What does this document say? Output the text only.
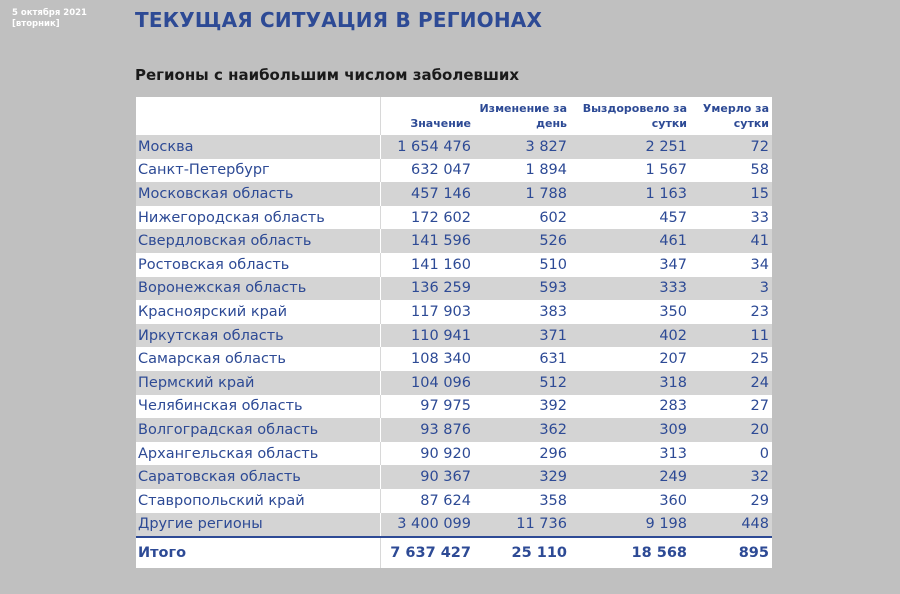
5 октября 2021
[вторник]	ТЕКУЩАЯ СИТУАЦИЯ В РЕГИОНАХ
Регионы с наибольшим числом заболевших
	Значение	Изменение за день	Выздоровело за сутки	Умерло за сутки
Москва	1 654 476	3 827	2 251	72
Санкт-Петербург	632 047	1 894	1 567	58
Московская область	457 146	1 788	1 163	15
Нижегородская область	172 602	602	457	33
Свердловская область	141 596	526	461	41
Ростовская область	141 160	510	347	34
Воронежская область	136 259	593	333	3
Красноярский край	117 903	383	350	23
Иркутская область	110 941	371	402	11
Самарская область	108 340	631	207	25
Пермский край	104 096	512	318	24
Челябинская область	97 975	392	283	27
Волгоградская область	93 876	362	309	20
Архангельская область	90 920	296	313	0
Саратовская область	90 367	329	249	32
Ставропольский край	87 624	358	360	29
Другие регионы	3 400 099	11 736	9 198	448
Итого	7 637 427	25 110	18 568	895
